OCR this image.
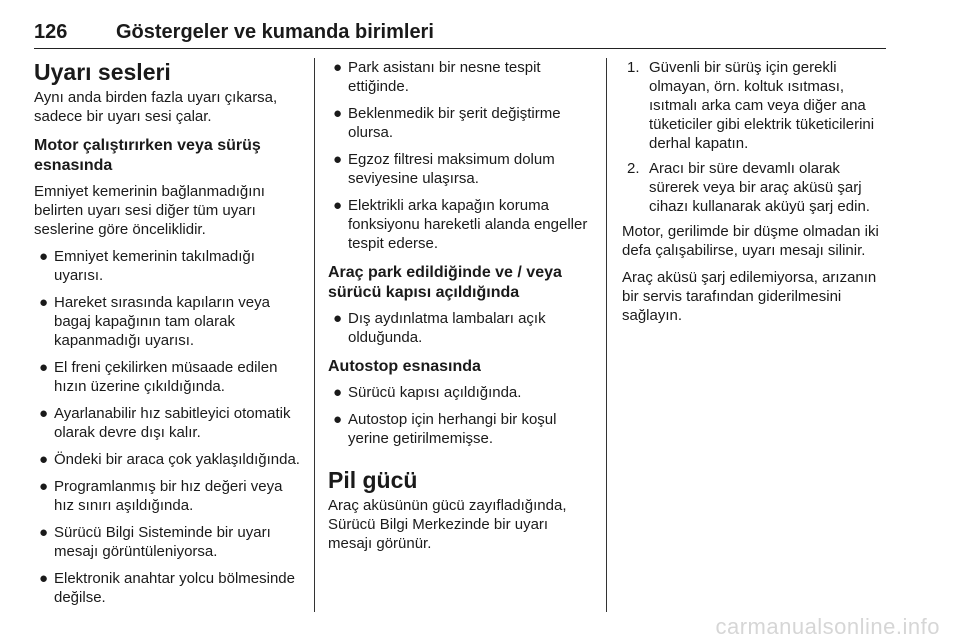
126 Göstergeler ve kumanda birimleri
Uyarı sesleri

Aynı anda birden fazla uyarı çıkarsa, sadece bir uyarı sesi çalar.

Motor çalıştırırken veya sürüş esnasında

Emniyet kemerinin bağlanmadığını belirten uyarı sesi diğer tüm uyarı seslerine göre önceliklidir.

● Emniyet kemerinin takılmadığı uyarısı.
● Hareket sırasında kapıların veya bagaj kapağının tam olarak kapanmadığı uyarısı.
● El freni çekilirken müsaade edilen hızın üzerine çıkıldığında.
● Ayarlanabilir hız sabitleyici otomatik olarak devre dışı kalır.
● Öndeki bir araca çok yaklaşıldığında.
● Programlanmış bir hız değeri veya hız sınırı aşıldığında.
● Sürücü Bilgi Sisteminde bir uyarı mesajı görüntüleniyorsa.
● Elektronik anahtar yolcu bölmesinde değilse.
● Park asistanı bir nesne tespit ettiğinde.
● Beklenmedik bir şerit değiştirme olursa.
● Egzoz filtresi maksimum dolum seviyesine ulaşırsa.
● Elektrikli arka kapağın koruma fonksiyonu hareketli alanda engeller tespit ederse.
Araç park edildiğinde ve / veya sürücü kapısı açıldığında
● Dış aydınlatma lambaları açık olduğunda.
Autostop esnasında
● Sürücü kapısı açıldığında.
● Autostop için herhangi bir koşul yerine getirilmemişse.
Pil gücü

Araç aküsünün gücü zayıfladığında, Sürücü Bilgi Merkezinde bir uyarı mesajı görünür.

1. Güvenli bir sürüş için gerekli olmayan, örn. koltuk ısıtması, ısıtmalı arka cam veya diğer ana tüketiciler gibi elektrik tüketicilerini derhal kapatın.
2. Aracı bir süre devamlı olarak sürerek veya bir araç aküsü şarj cihazı kullanarak aküyü şarj edin.

Motor, gerilimde bir düşme olmadan iki defa çalışabilirse, uyarı mesajı silinir.

Araç aküsü şarj edilemiyorsa, arızanın bir servis tarafından giderilmesini sağlayın.

carmanualsonline.info
